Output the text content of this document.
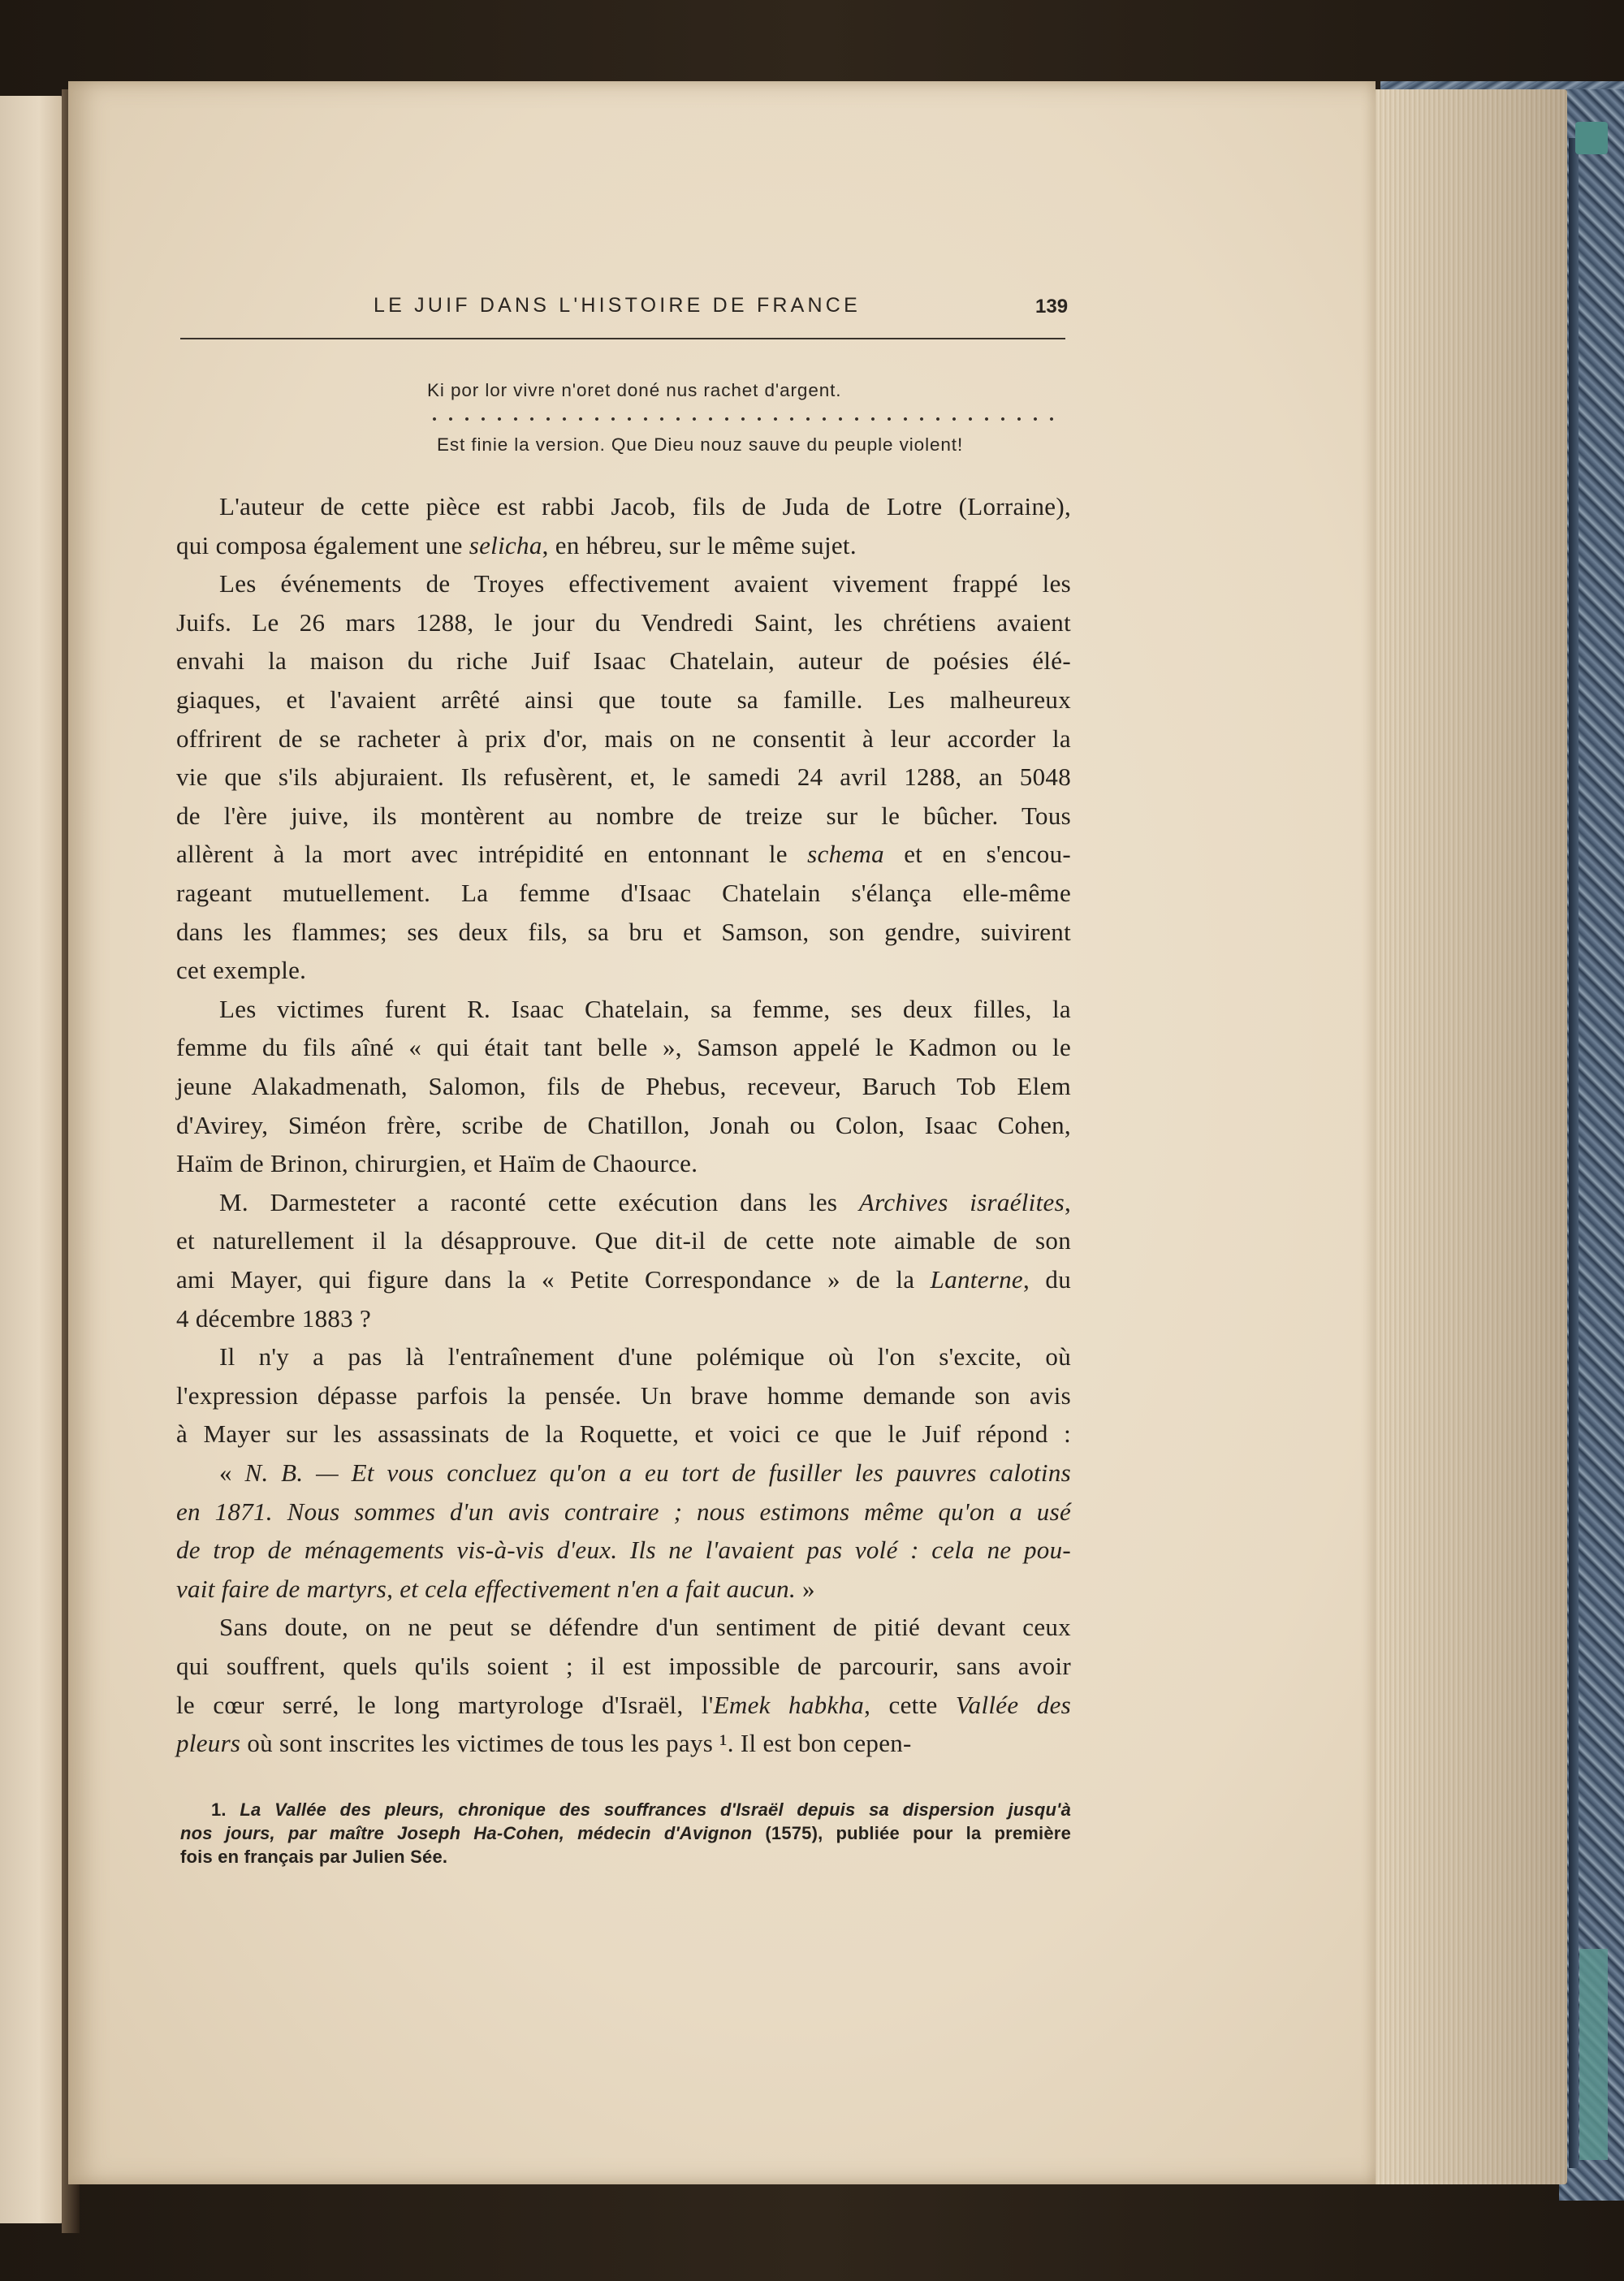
LE JUIF DANS L'HISTOIRE DE FRANCE	139
Ki por lor vivre n'oret doné nus rachet d'argent.
Est finie la version. Que Dieu nouz sauve du peuple violent!
L'auteur de cette pièce est rabbi Jacob, fils de Juda de Lotre (Lorraine),
qui composa également une selicha, en hébreu, sur le même sujet.
Les événements de Troyes effectivement avaient vivement frappé les
Juifs. Le 26 mars 1288, le jour du Vendredi Saint, les chrétiens avaient
envahi la maison du riche Juif Isaac Chatelain, auteur de poésies élé-
giaques, et l'avaient arrêté ainsi que toute sa famille. Les malheureux
offrirent de se racheter à prix d'or, mais on ne consentit à leur accorder la
vie que s'ils abjuraient. Ils refusèrent, et, le samedi 24 avril 1288, an 5048
de l'ère juive, ils montèrent au nombre de treize sur le bûcher. Tous
allèrent à la mort avec intrépidité en entonnant le schema et en s'encou-
rageant mutuellement. La femme d'Isaac Chatelain s'élança elle-même
dans les flammes; ses deux fils, sa bru et Samson, son gendre, suivirent
cet exemple.
Les victimes furent R. Isaac Chatelain, sa femme, ses deux filles, la
femme du fils aîné « qui était tant belle », Samson appelé le Kadmon ou le
jeune Alakadmenath, Salomon, fils de Phebus, receveur, Baruch Tob Elem
d'Avirey, Siméon frère, scribe de Chatillon, Jonah ou Colon, Isaac Cohen,
Haïm de Brinon, chirurgien, et Haïm de Chaource.
M. Darmesteter a raconté cette exécution dans les Archives israélites,
et naturellement il la désapprouve. Que dit-il de cette note aimable de son
ami Mayer, qui figure dans la « Petite Correspondance » de la Lanterne, du
4 décembre 1883 ?
Il n'y a pas là l'entraînement d'une polémique où l'on s'excite, où
l'expression dépasse parfois la pensée. Un brave homme demande son avis
à Mayer sur les assassinats de la Roquette, et voici ce que le Juif répond :
« N. B. — Et vous concluez qu'on a eu tort de fusiller les pauvres calotins
en 1871. Nous sommes d'un avis contraire ; nous estimons même qu'on a usé
de trop de ménagements vis-à-vis d'eux. Ils ne l'avaient pas volé : cela ne pou-
vait faire de martyrs, et cela effectivement n'en a fait aucun. »
Sans doute, on ne peut se défendre d'un sentiment de pitié devant ceux
qui souffrent, quels qu'ils soient ; il est impossible de parcourir, sans avoir
le cœur serré, le long martyrologe d'Israël, l'Emek habkha, cette Vallée des
pleurs où sont inscrites les victimes de tous les pays ¹. Il est bon cepen-
1. La Vallée des pleurs, chronique des souffrances d'Israël depuis sa dispersion jusqu'à
nos jours, par maître Joseph Ha-Cohen, médecin d'Avignon (1575), publiée pour la première
fois en français par Julien Sée.
